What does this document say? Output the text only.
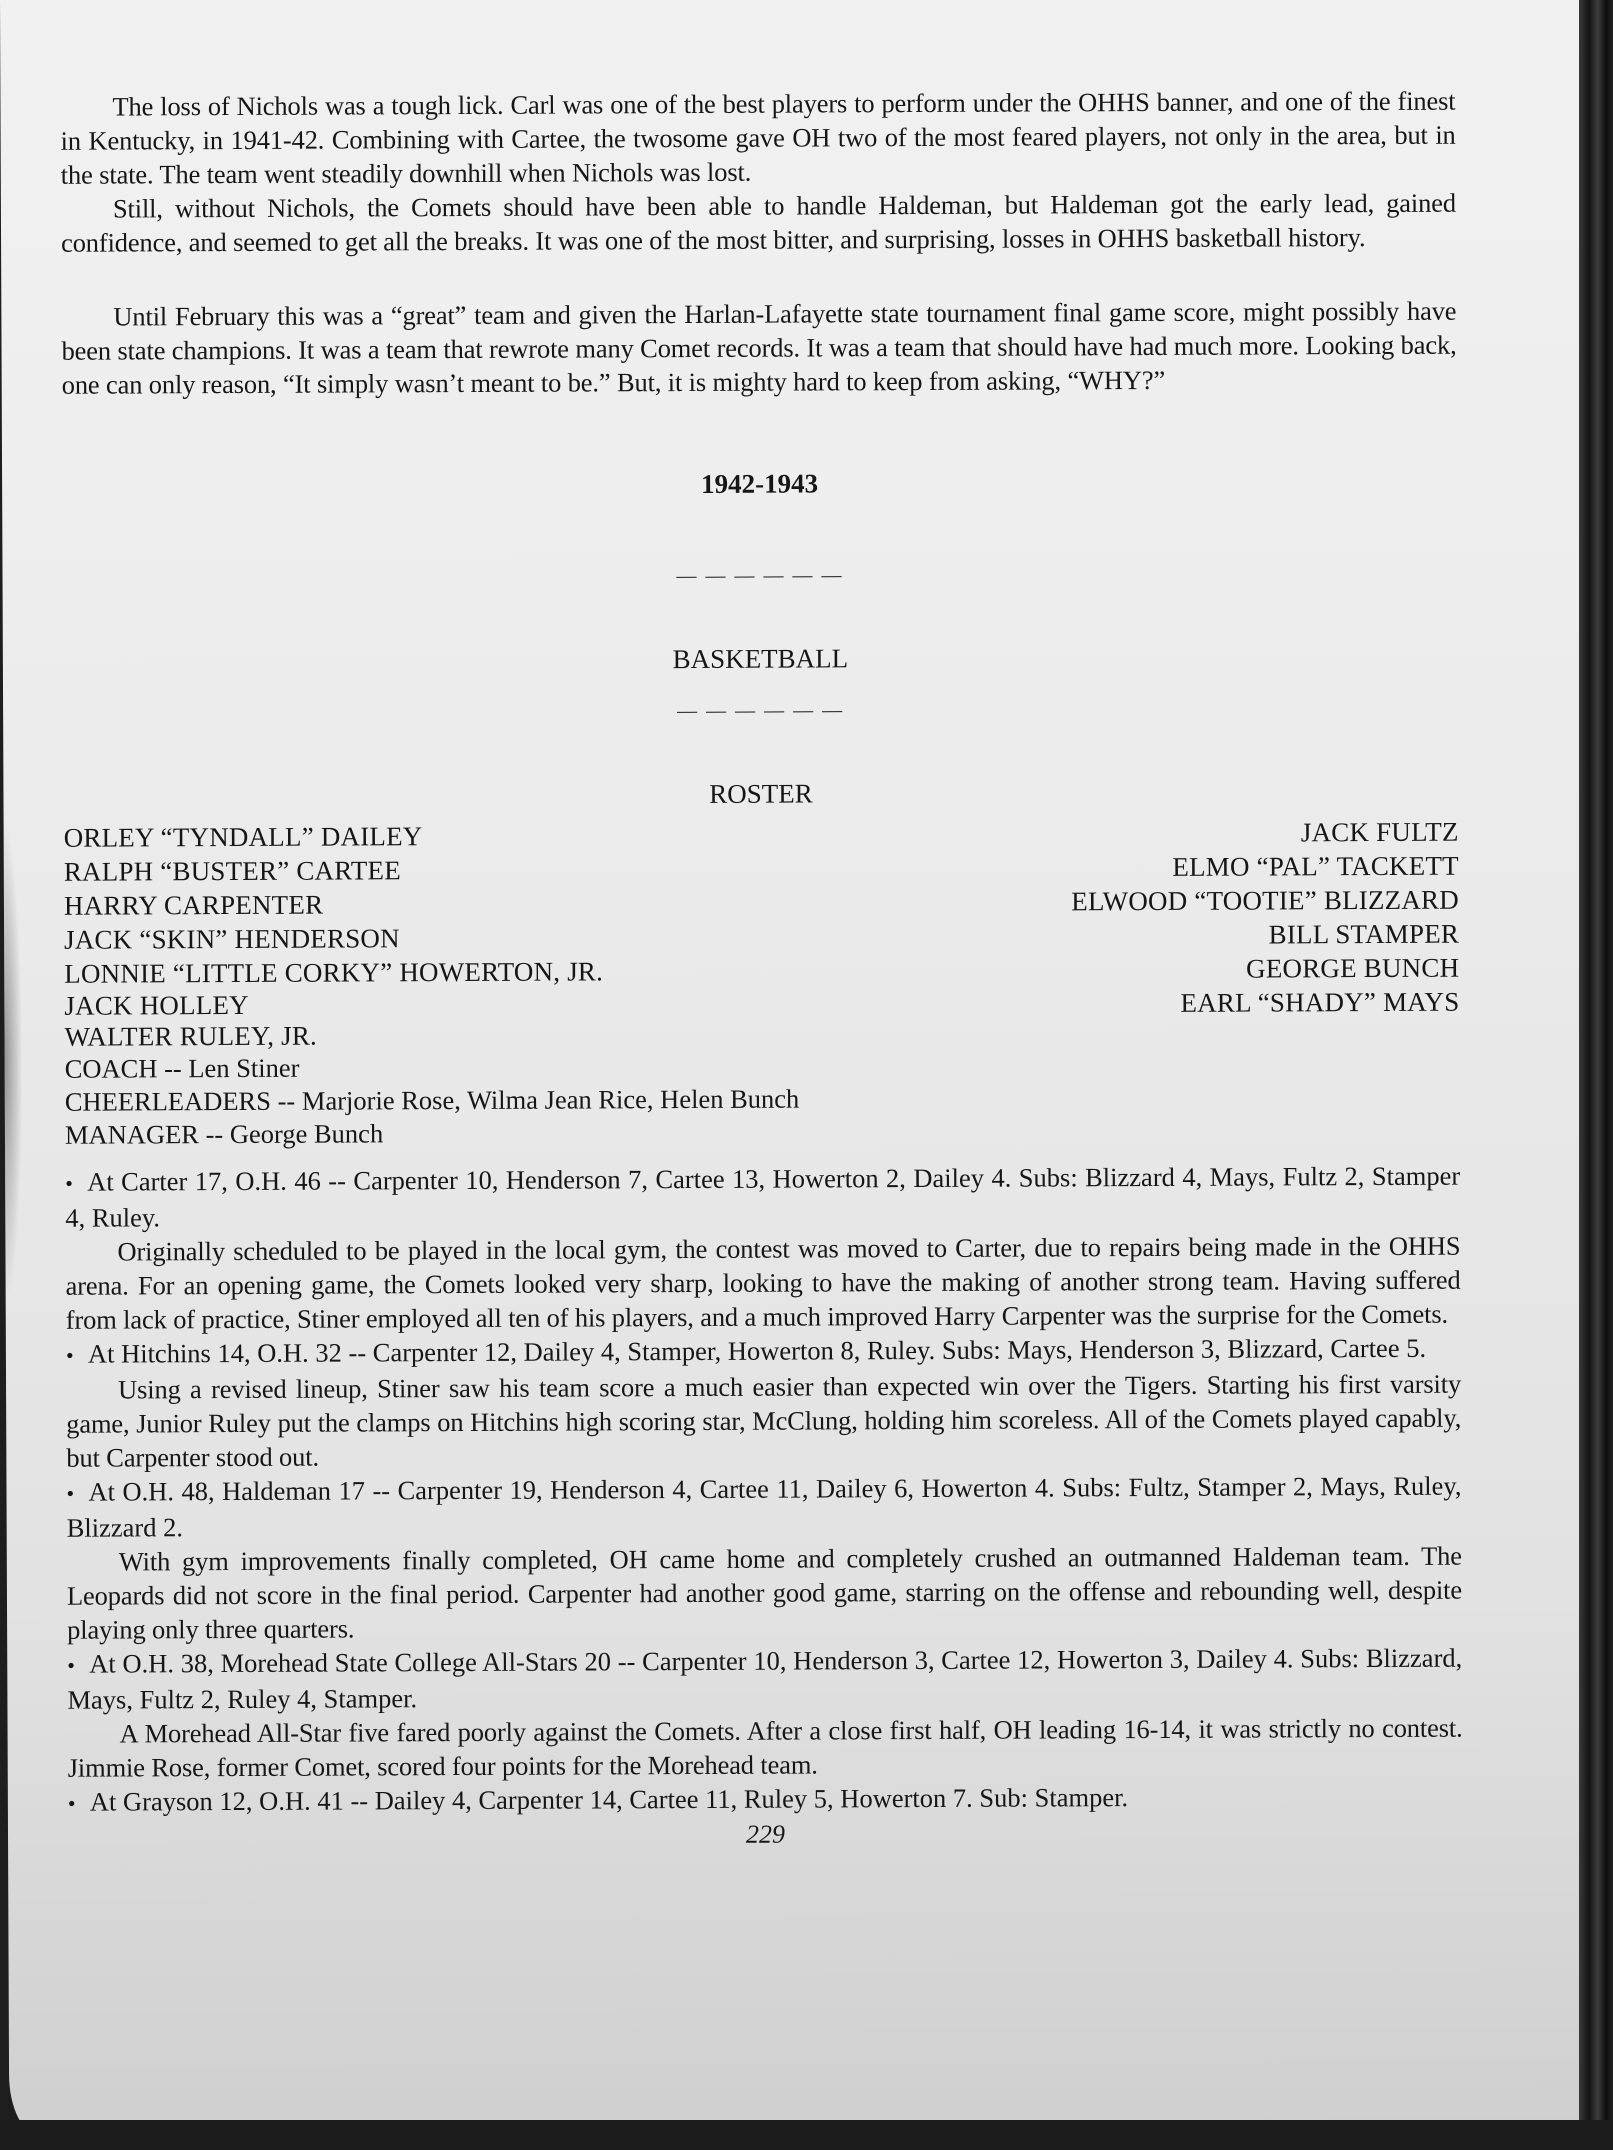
The loss of Nichols was a tough lick. Carl was one of the best players to perform under the OHHS banner, and one of the finest in Kentucky, in 1941-42. Combining with Cartee, the twosome gave OH two of the most feared players, not only in the area, but in the state. The team went steadily downhill when Nichols was lost.

Still, without Nichols, the Comets should have been able to handle Haldeman, but Haldeman got the early lead, gained confidence, and seemed to get all the breaks. It was one of the most bitter, and surprising, losses in OHHS basketball history.

Until February this was a “great” team and given the Harlan-Lafayette state tournament final game score, might possibly have been state champions. It was a team that rewrote many Comet records. It was a team that should have had much more. Looking back, one can only reason, “It simply wasn’t meant to be.” But, it is mighty hard to keep from asking, “WHY?”

1942-1943

— — — — — —

BASKETBALL

— — — — — —

ROSTER

ORLEY “TYNDALL” DAILEY
RALPH “BUSTER” CARTEE
HARRY CARPENTER
JACK “SKIN” HENDERSON
LONNIE “LITTLE CORKY” HOWERTON, JR.
JACK HOLLEY
WALTER RULEY, JR.
COACH -- Len Stiner
CHEERLEADERS -- Marjorie Rose, Wilma Jean Rice, Helen Bunch
MANAGER -- George Bunch
JACK FULTZ
ELMO “PAL” TACKETT
ELWOOD “TOOTIE” BLIZZARD
BILL STAMPER
GEORGE BUNCH
EARL “SHADY” MAYS

• At Carter 17, O.H. 46 -- Carpenter 10, Henderson 7, Cartee 13, Howerton 2, Dailey 4. Subs: Blizzard 4, Mays, Fultz 2, Stamper 4, Ruley.

Originally scheduled to be played in the local gym, the contest was moved to Carter, due to repairs being made in the OHHS arena. For an opening game, the Comets looked very sharp, looking to have the making of another strong team. Having suffered from lack of practice, Stiner employed all ten of his players, and a much improved Harry Carpenter was the surprise for the Comets.

• At Hitchins 14, O.H. 32 -- Carpenter 12, Dailey 4, Stamper, Howerton 8, Ruley. Subs: Mays, Henderson 3, Blizzard, Cartee 5.

Using a revised lineup, Stiner saw his team score a much easier than expected win over the Tigers. Starting his first varsity game, Junior Ruley put the clamps on Hitchins high scoring star, McClung, holding him scoreless. All of the Comets played capably, but Carpenter stood out.

• At O.H. 48, Haldeman 17 -- Carpenter 19, Henderson 4, Cartee 11, Dailey 6, Howerton 4. Subs: Fultz, Stamper 2, Mays, Ruley, Blizzard 2.

With gym improvements finally completed, OH came home and completely crushed an outmanned Haldeman team. The Leopards did not score in the final period. Carpenter had another good game, starring on the offense and rebounding well, despite playing only three quarters.

• At O.H. 38, Morehead State College All-Stars 20 -- Carpenter 10, Henderson 3, Cartee 12, Howerton 3, Dailey 4. Subs: Blizzard, Mays, Fultz 2, Ruley 4, Stamper.

A Morehead All-Star five fared poorly against the Comets. After a close first half, OH leading 16-14, it was strictly no contest. Jimmie Rose, former Comet, scored four points for the Morehead team.

• At Grayson 12, O.H. 41 -- Dailey 4, Carpenter 14, Cartee 11, Ruley 5, Howerton 7. Sub: Stamper.

229
